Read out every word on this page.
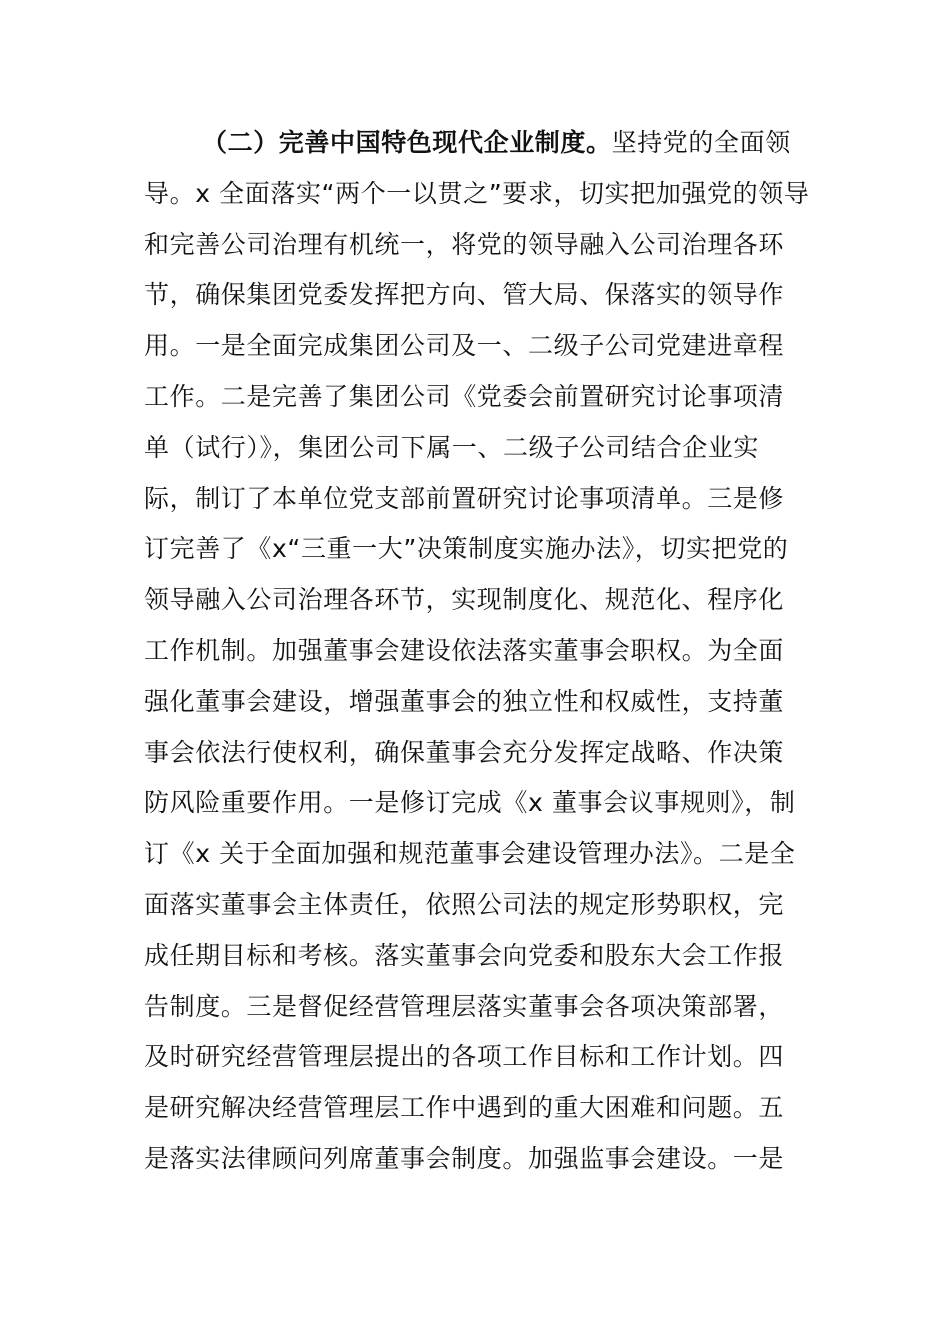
（二）完善中国特色现代企业制度。坚持党的全面领
导。x 全面落实“两个一以贯之”要求，切实把加强党的领导
和完善公司治理有机统一，将党的领导融入公司治理各环
节，确保集团党委发挥把方向、管大局、保落实的领导作
用。一是全面完成集团公司及一、二级子公司党建进章程
工作。二是完善了集团公司《党委会前置研究讨论事项清
单（试行）》，集团公司下属一、二级子公司结合企业实
际，制订了本单位党支部前置研究讨论事项清单。三是修
订完善了《x“三重一大”决策制度实施办法》，切实把党的
领导融入公司治理各环节，实现制度化、规范化、程序化
工作机制。加强董事会建设依法落实董事会职权。为全面
强化董事会建设，增强董事会的独立性和权威性，支持董
事会依法行使权利，确保董事会充分发挥定战略、作决策
防风险重要作用。一是修订完成《x 董事会议事规则》，制
订《x 关于全面加强和规范董事会建设管理办法》。二是全
面落实董事会主体责任，依照公司法的规定形势职权，完
成任期目标和考核。落实董事会向党委和股东大会工作报
告制度。三是督促经营管理层落实董事会各项决策部署，
及时研究经营管理层提出的各项工作目标和工作计划。四
是研究解决经营管理层工作中遇到的重大困难和问题。五
是落实法律顾问列席董事会制度。加强监事会建设。一是
